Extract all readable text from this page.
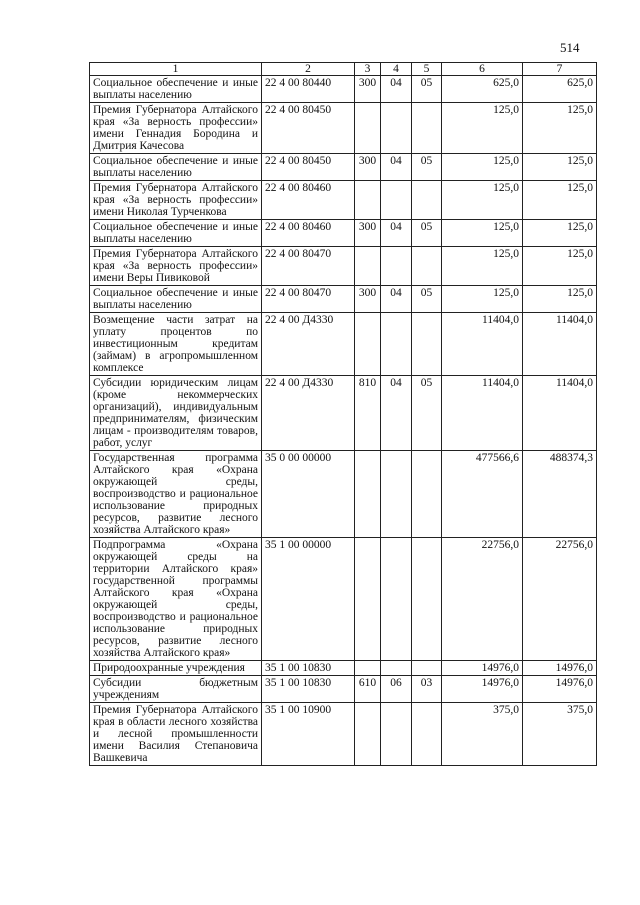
514
1	2	3	4	5	6	7
Социальное обеспечение и иные выплаты населению	22 4 00 80440	300	04	05	625,0	625,0
Премия Губернатора Алтайского края «За верность профессии» имени Геннадия Бородина и Дмитрия Качесова	22 4 00 80450				125,0	125,0
Социальное обеспечение и иные выплаты населению	22 4 00 80450	300	04	05	125,0	125,0
Премия Губернатора Алтайского края «За верность профессии» имени Николая Турченкова	22 4 00 80460				125,0	125,0
Социальное обеспечение и иные выплаты населению	22 4 00 80460	300	04	05	125,0	125,0
Премия Губернатора Алтайского края «За верность профессии» имени Веры Пивиковой	22 4 00 80470				125,0	125,0
Социальное обеспечение и иные выплаты населению	22 4 00 80470	300	04	05	125,0	125,0
Возмещение части затрат на уплату процентов по инвестиционным кредитам (займам) в агропромышленном комплексе	22 4 00 Д4330				11404,0	11404,0
Субсидии юридическим лицам (кроме некоммерческих организаций), индивидуальным предпринимателям, физическим лицам - производителям товаров, работ, услуг	22 4 00 Д4330	810	04	05	11404,0	11404,0
Государственная программа Алтайского края «Охрана окружающей среды, воспроизводство и рациональное использование природных ресурсов, развитие лесного хозяйства Алтайского края»	35 0 00 00000				477566,6	488374,3
Подпрограмма «Охрана окружающей среды на территории Алтайского края» государственной программы Алтайского края «Охрана окружающей среды, воспроизводство и рациональное использование природных ресурсов, развитие лесного хозяйства Алтайского края»	35 1 00 00000				22756,0	22756,0
Природоохранные учреждения	35 1 00 10830				14976,0	14976,0
Субсидии бюджетным учреждениям	35 1 00 10830	610	06	03	14976,0	14976,0
Премия Губернатора Алтайского края в области лесного хозяйства и лесной промышленности имени Василия Степановича Вашкевича	35 1 00 10900				375,0	375,0
